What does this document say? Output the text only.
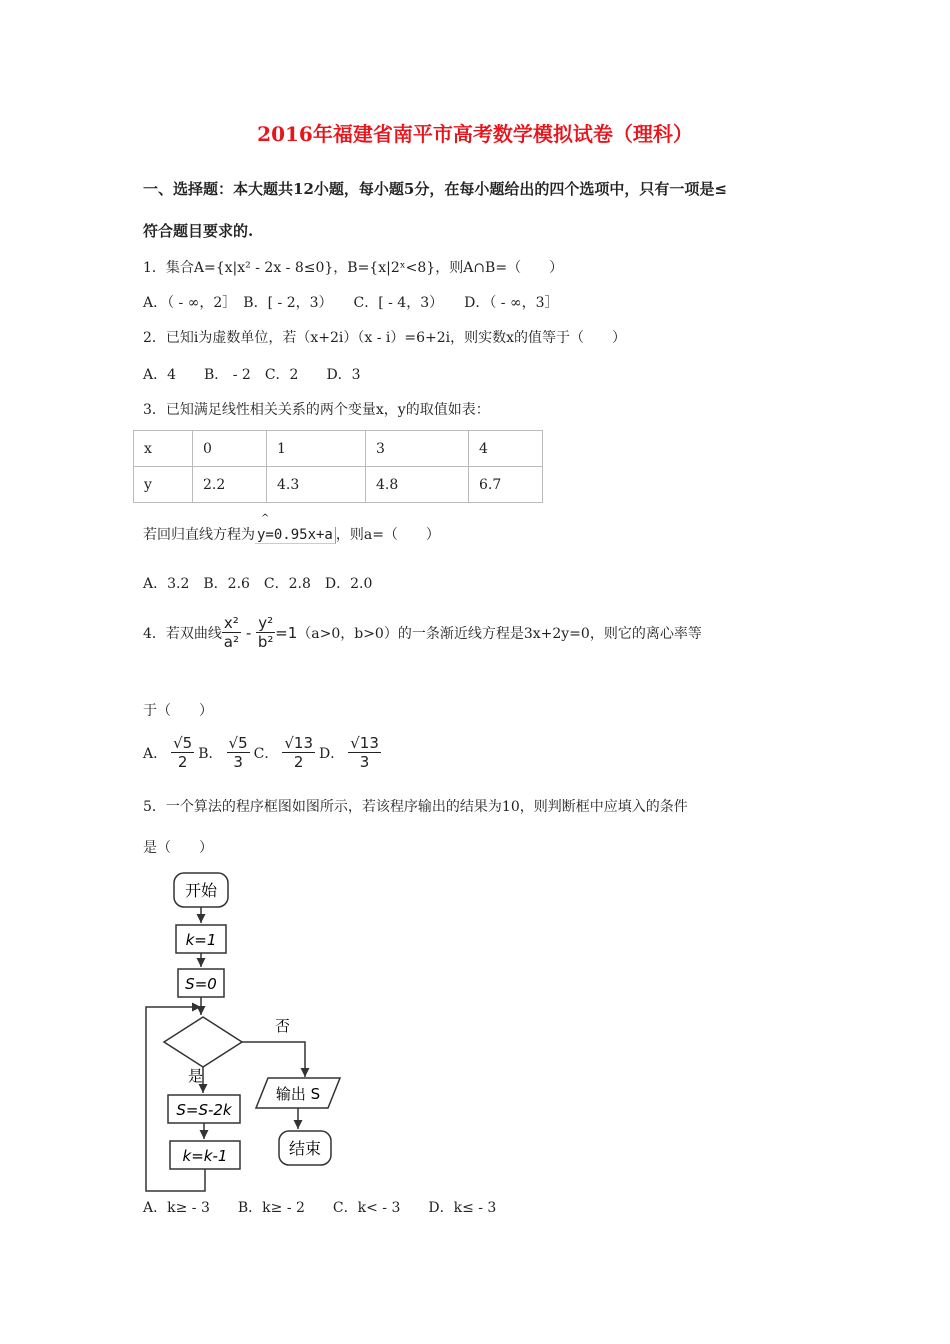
2016年福建省南平市高考数学模拟试卷（理科）
一、选择题：本大题共12小题，每小题5分，在每小题给出的四个选项中，只有一项是≤
符合题目要求的.
1．集合A={x|x² - 2x - 8≤0}，B={x|2ˣ<8}，则A∩B=（　　）
A．（ - ∞，2］　B．[ - 2，3）　　C．[ - 4，3）　　D．（ - ∞，3］
2．已知i为虚数单位，若（x+2i）（x - i）=6+2i，则实数x的值等于（　　）
A．4　　B． - 2　C．2　　D．3
3．已知满足线性相关关系的两个变量x，y的取值如表：
x	0	1	3	4
y	2.2	4.3	4.8	6.7
若回归直线方程为
^
y=0.95x+a ，则a=（　　）
A．3.2　B．2.6　C．2.8　D．2.0
4．若双曲线 $\frac{\text{x²}}{\text{a²}} - \frac{\text{y²}}{\text{b²}} =1$ （a>0，b>0）的一条渐近线方程是3x+2y=0，则它的离心率等
于（　　）
A． $\frac{√5}{2}$ B． $\frac{√5}{3}$ C． $\frac{√13}{2}$ D． $\frac{√13}{3}$
5．一个算法的程序框图如图所示，若该程序输出的结果为10，则判断框中应填入的条件
是（　　）
开始
k=1
S=0
否
是
S=S-2k
k=k-1
输出 S
结束
A．k≥ - 3　　B．k≥ - 2　　C．k< - 3　　D．k≤ - 3
